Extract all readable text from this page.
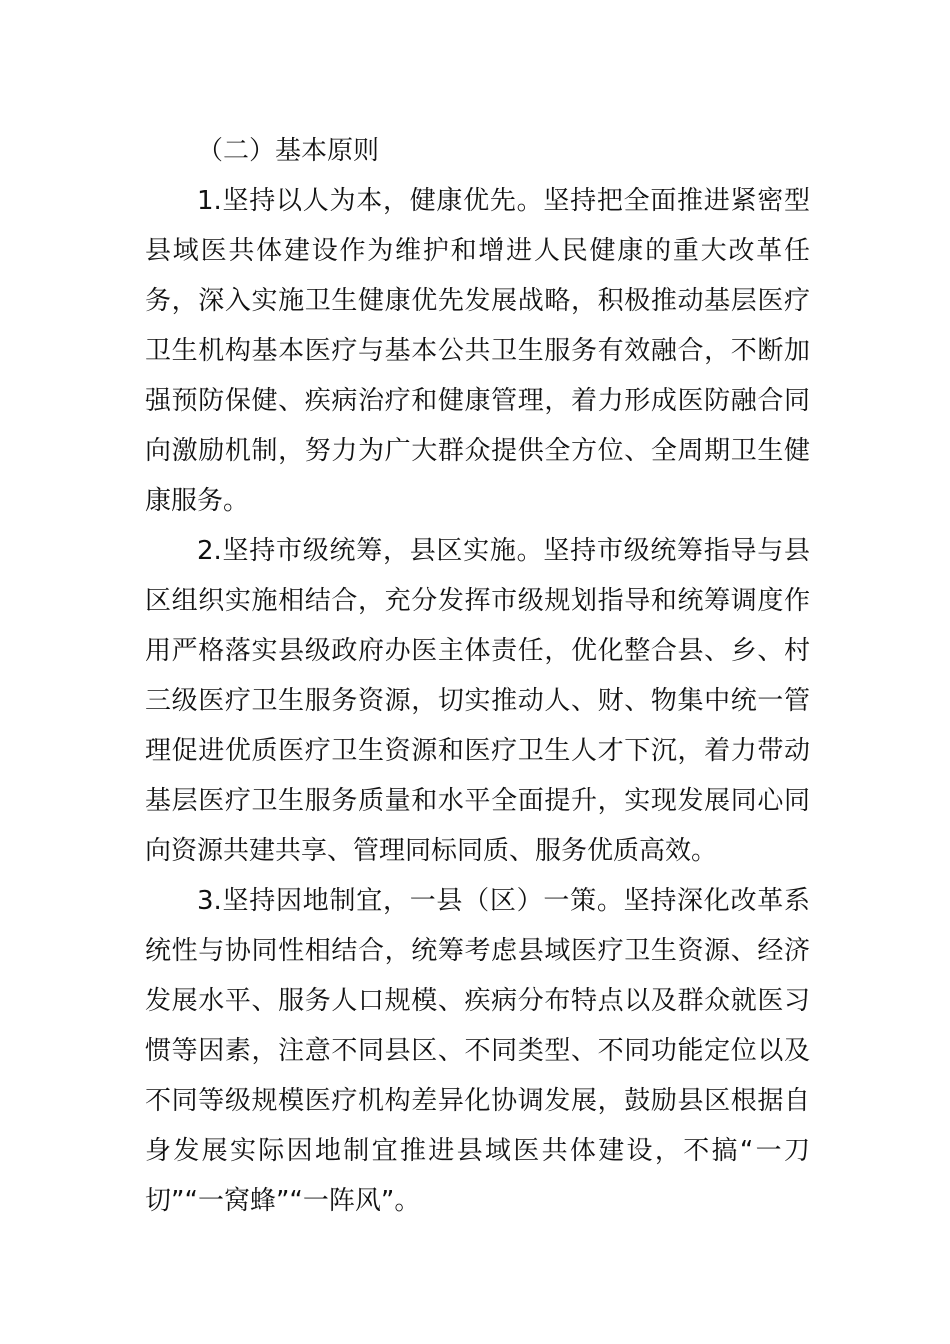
（二）基本原则

1.坚持以人为本，健康优先。坚持把全面推进紧密型县域医共体建设作为维护和增进人民健康的重大改革任务，深入实施卫生健康优先发展战略，积极推动基层医疗卫生机构基本医疗与基本公共卫生服务有效融合，不断加强预防保健、疾病治疗和健康管理，着力形成医防融合同向激励机制，努力为广大群众提供全方位、全周期卫生健康服务。

2.坚持市级统筹，县区实施。坚持市级统筹指导与县区组织实施相结合，充分发挥市级规划指导和统筹调度作用严格落实县级政府办医主体责任，优化整合县、乡、村三级医疗卫生服务资源，切实推动人、财、物集中统一管理促进优质医疗卫生资源和医疗卫生人才下沉，着力带动基层医疗卫生服务质量和水平全面提升，实现发展同心同向资源共建共享、管理同标同质、服务优质高效。

3.坚持因地制宜，一县（区）一策。坚持深化改革系统性与协同性相结合，统筹考虑县域医疗卫生资源、经济发展水平、服务人口规模、疾病分布特点以及群众就医习惯等因素，注意不同县区、不同类型、不同功能定位以及不同等级规模医疗机构差异化协调发展，鼓励县区根据自身发展实际因地制宜推进县域医共体建设，不搞“一刀切”“一窝蜂”“一阵风”。
